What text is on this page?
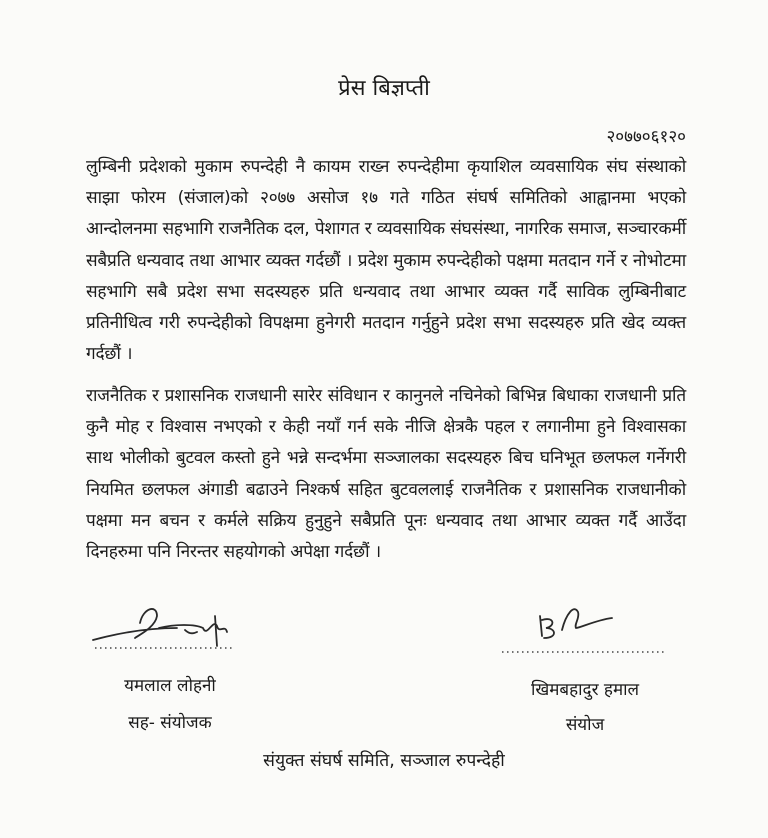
प्रेस बिज्ञप्ती
२०७७०६१२०

लुम्बिनी प्रदेशको मुकाम रुपन्देही नै कायम राख्न रुपन्देहीमा कृयाशिल व्यवसायिक संघ संस्थाको साझा फोरम (संजाल)को २०७७ असोज १७ गते गठित संघर्ष समितिको आह्वानमा भएको आन्दोलनमा सहभागि राजनैतिक दल, पेशागत र व्यवसायिक संघसंस्था, नागरिक समाज, सञ्चारकर्मी सबैप्रति धन्यवाद तथा आभार व्यक्त गर्दछौं । प्रदेश मुकाम रुपन्देहीको पक्षमा मतदान गर्ने र नोभोटमा सहभागि सबै प्रदेश सभा सदस्यहरु प्रति धन्यवाद तथा आभार व्यक्त गर्दै साविक लुम्बिनीबाट प्रतिनीधित्व गरी रुपन्देहीको विपक्षमा हुनेगरी मतदान गर्नुहुने प्रदेश सभा सदस्यहरु प्रति खेद व्यक्त गर्दछौं ।

राजनैतिक र प्रशासनिक राजधानी सारेर संविधान र कानुनले नचिनेको बिभिन्न बिधाका राजधानी प्रति कुनै मोह र विश्वास नभएको र केही नयाँ गर्न सके नीजि क्षेत्रकै पहल र लगानीमा हुने विश्वासका साथ भोलीको बुटवल कस्तो हुने भन्ने सन्दर्भमा सञ्जालका सदस्यहरु बिच घनिभूत छलफल गर्नेगरी नियमित छलफल अंगाडी बढाउने निश्कर्ष सहित बुटवललाई राजनैतिक र प्रशासनिक राजधानीको पक्षमा मन बचन र कर्मले सक्रिय हुनुहुने सबैप्रति पूनः धन्यवाद तथा आभार व्यक्त गर्दै आउँदा दिनहरुमा पनि निरन्तर सहयोगको अपेक्षा गर्दछौं ।

यमलाल लोहनी
सह- संयोजक
खिमबहादुर हमाल
संयोज
संयुक्त संघर्ष समिति, सञ्जाल रुपन्देही
